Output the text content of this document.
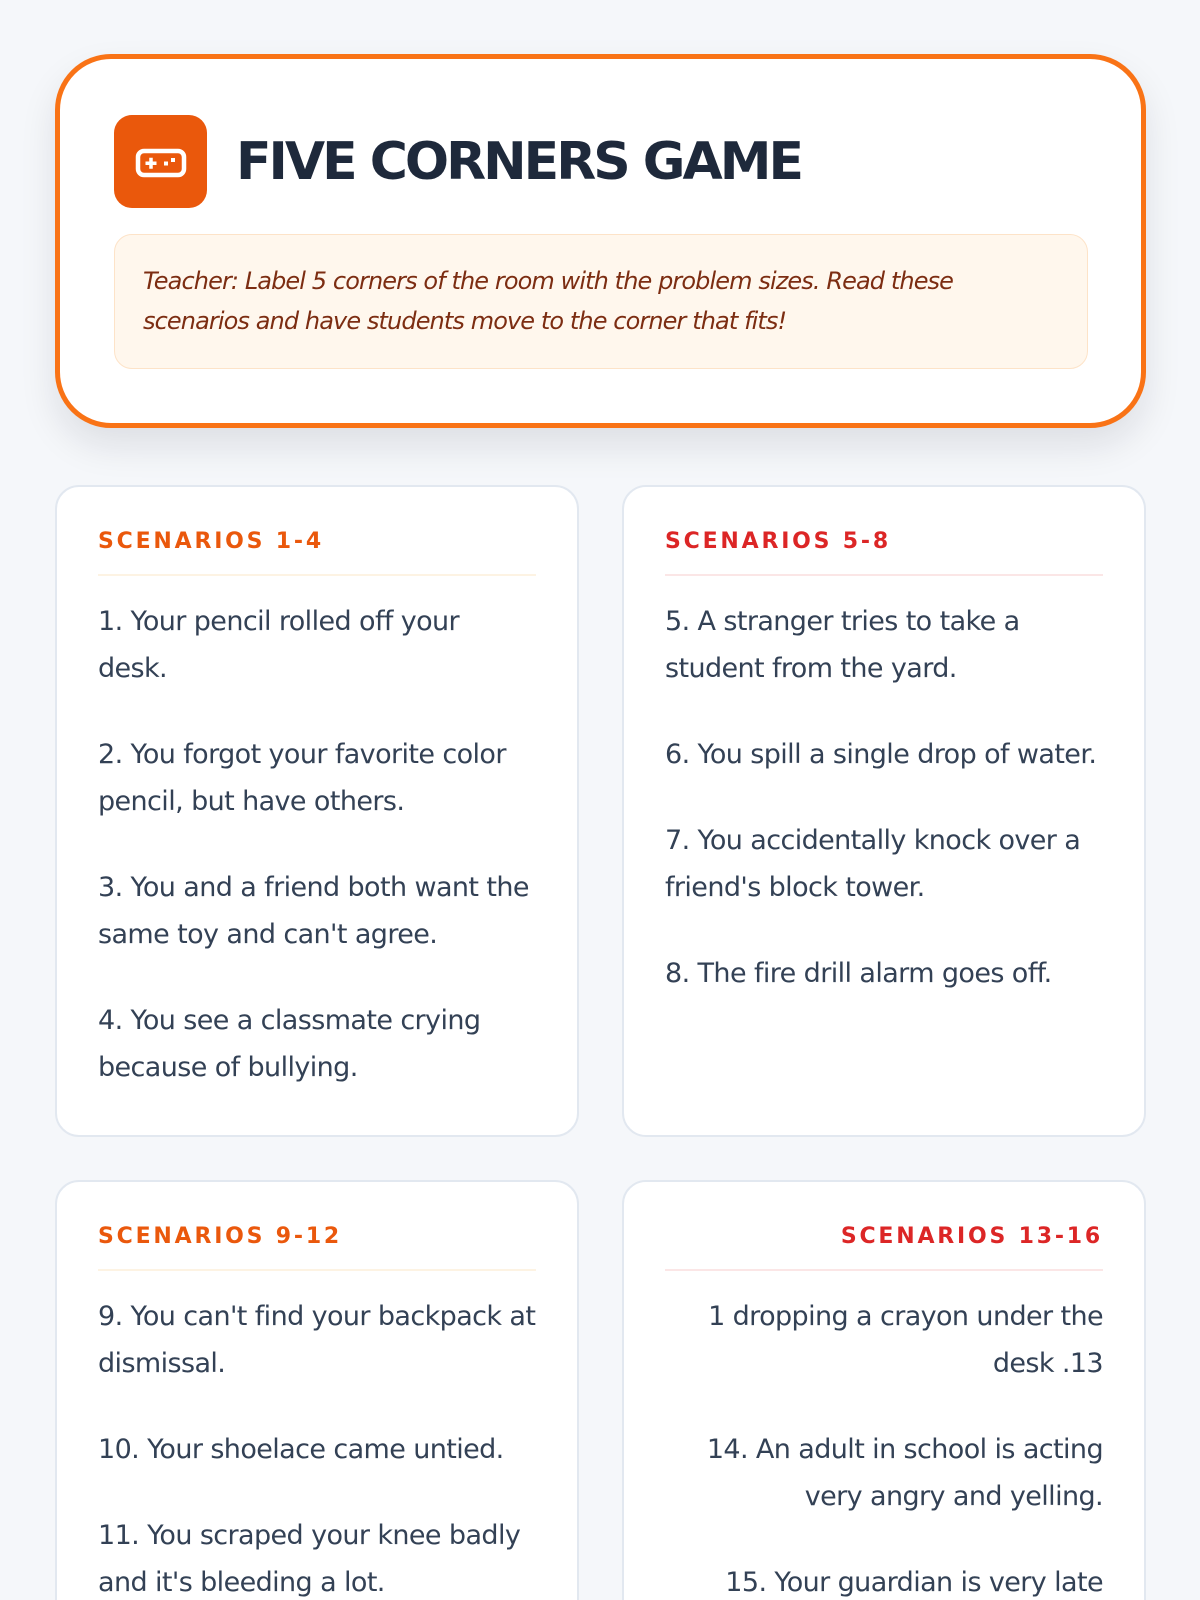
FIVE CORNERS GAME
Teacher: Label 5 corners of the room with the problem sizes. Read these scenarios and have students move to the corner that fits!
SCENARIOS 1-4

1. Your pencil rolled off your desk.

2. You forgot your favorite color pencil, but have others.

3. You and a friend both want the same toy and can't agree.

4. You see a classmate crying because of bullying.

SCENARIOS 5-8

5. A stranger tries to take a student from the yard.

6. You spill a single drop of water.

7. You accidentally knock over a friend's block tower.

8. The fire drill alarm goes off.

SCENARIOS 9-12

9. You can't find your backpack at dismissal.

10. Your shoelace came untied.

11. You scraped your knee badly and it's bleeding a lot.

SCENARIOS 13-16

1 dropping a crayon under the desk .13

14. An adult in school is acting very angry and yelling.

15. Your guardian is very late
